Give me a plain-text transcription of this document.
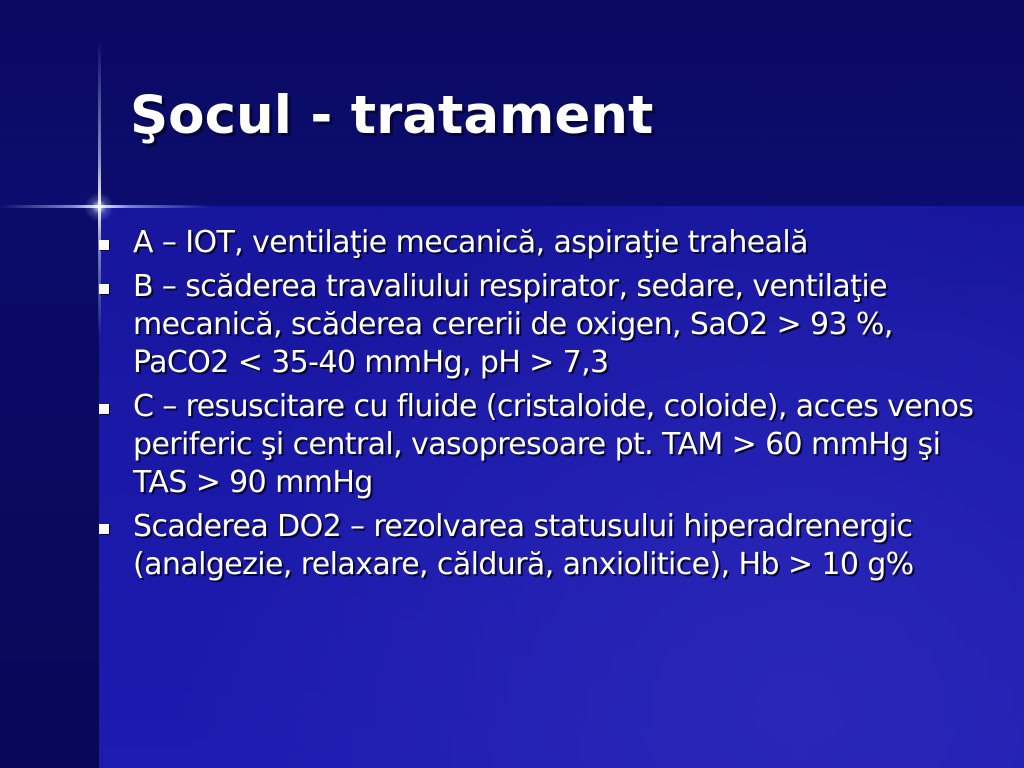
Şocul - tratament
A – IOT, ventilaţie mecanică, aspiraţie traheală
B – scăderea travaliului respirator, sedare, ventilaţie mecanică, scăderea cererii de oxigen, SaO2 > 93 %, PaCO2 < 35-40 mmHg, pH > 7,3
C – resuscitare cu fluide (cristaloide, coloide), acces venos periferic şi central, vasopresoare pt. TAM > 60 mmHg şi TAS > 90 mmHg
Scaderea DO2 – rezolvarea statusului hiperadrenergic (analgezie, relaxare, căldură, anxiolitice), Hb > 10 g%
